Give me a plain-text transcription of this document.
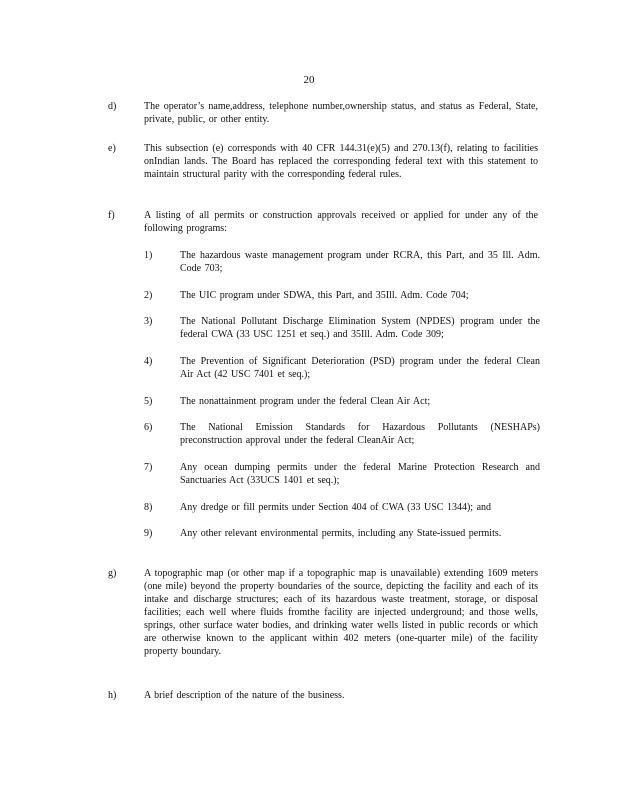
20
d)	The operator’s name,address, telephone number,ownership status, and status as Federal, State, private, public, or other entity.
e)	This subsection (e) corresponds with 40 CFR 144.31(e)(5) and 270.13(f), relating to facilities onIndian lands. The Board has replaced the corresponding federal text with this statement to maintain structural parity with the corresponding federal rules.
f)	A listing of all permits or construction approvals received or applied for under any of the following programs:
1)	The hazardous waste management program under RCRA, this Part, and 35 Ill. Adm. Code 703;
2)	The UIC program under SDWA, this Part, and 35Ill. Adm. Code 704;
3)	The National Pollutant Discharge Elimination System (NPDES) program under the federal CWA (33 USC 1251 et seq.) and 35Ill. Adm. Code 309;
4)	The Prevention of Significant Deterioration (PSD) program under the federal Clean Air Act (42 USC 7401 et seq.);
5)	The nonattainment program under the federal Clean Air Act;
6)	The National Emission Standards for Hazardous Pollutants (NESHAPs) preconstruction approval under the federal CleanAir Act;
7)	Any ocean dumping permits under the federal Marine Protection Research and Sanctuaries Act (33UCS 1401 et seq.);
8)	Any dredge or fill permits under Section 404 of CWA (33 USC 1344); and
9)	Any other relevant environmental permits, including any State-issued permits.
g)	A topographic map (or other map if a topographic map is unavailable) extending 1609 meters (one mile) beyond the property boundaries of the source, depicting the facility and each of its intake and discharge structures; each of its hazardous waste treatment, storage, or disposal facilities; each well where fluids fromthe facility are injected underground; and those wells, springs, other surface water bodies, and drinking water wells listed in public records or which are otherwise known to the applicant within 402 meters (one-quarter mile) of the facility property boundary.
h)	A brief description of the nature of the business.
